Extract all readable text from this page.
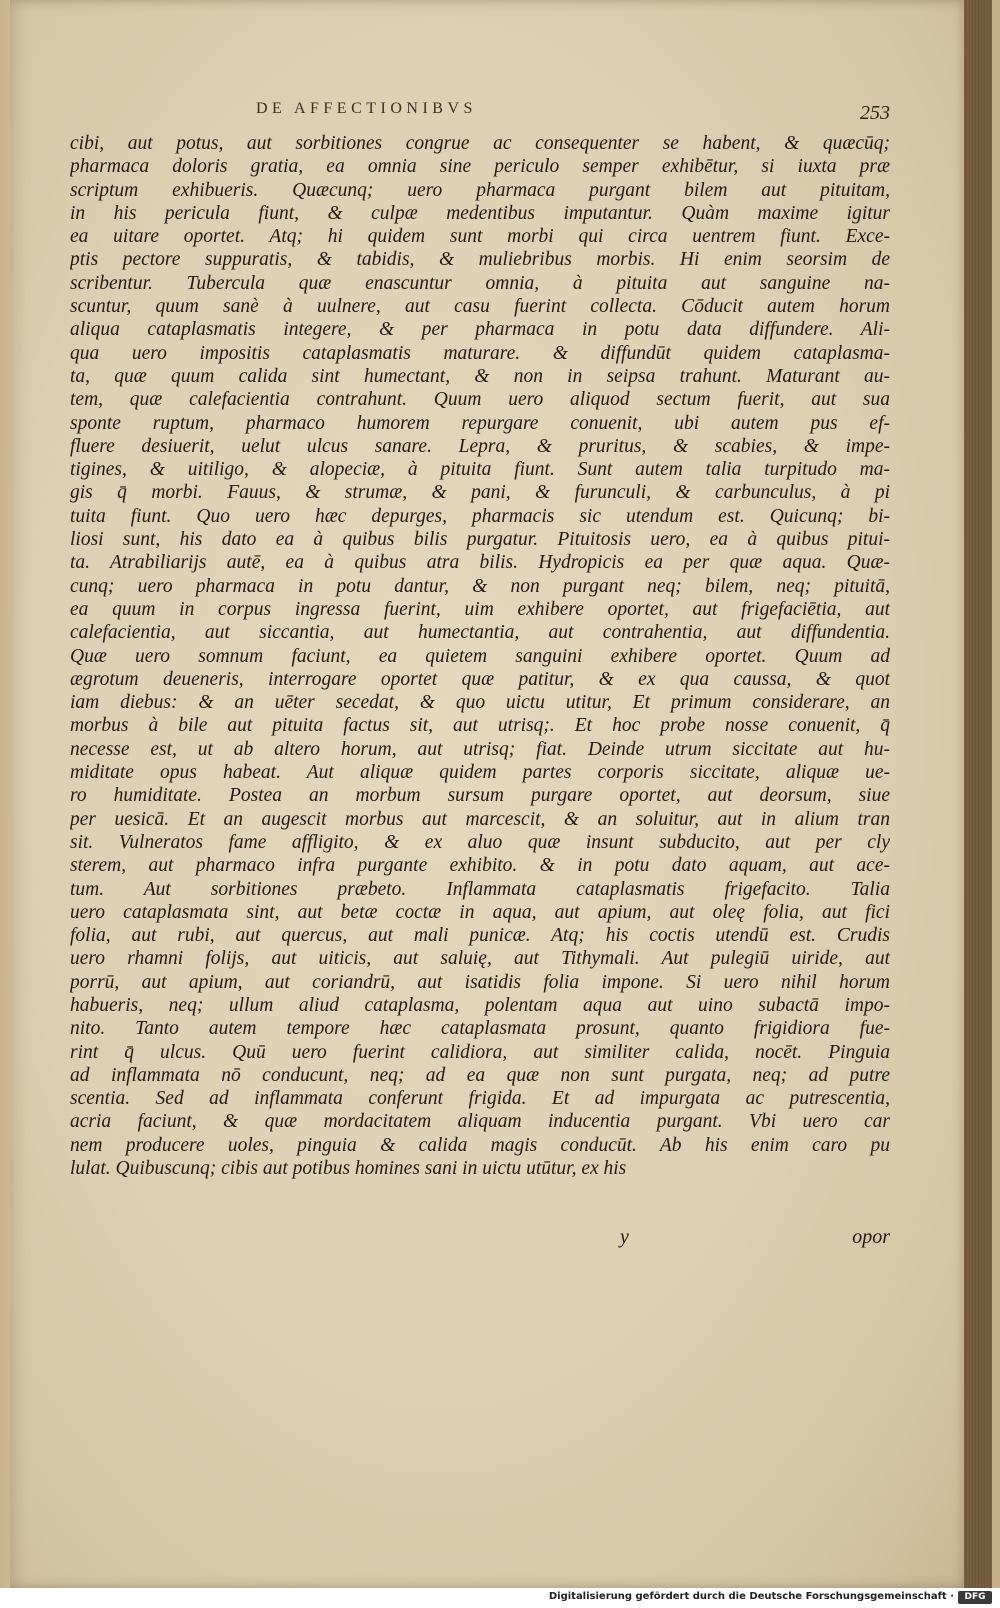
DE AFFECTIONIBVS	253
cibi, aut potus, aut sorbitiones congrue ac consequenter se habent, & quæcūq;
pharmaca doloris gratia, ea omnia sine periculo semper exhibētur, si iuxta præ
scriptum exhibueris. Quæcunq; uero pharmaca purgant bilem aut pituitam,
in his pericula fiunt, & culpæ medentibus imputantur. Quàm maxime igitur
ea uitare oportet. Atq; hi quidem sunt morbi qui circa uentrem fiunt. Exce-
ptis pectore suppuratis, & tabidis, & muliebribus morbis. Hi enim seorsim de
scribentur. Tubercula quæ enascuntur omnia, à pituita aut sanguine na-
scuntur, quum sanè à uulnere, aut casu fuerint collecta. Cōducit autem horum
aliqua cataplasmatis integere, & per pharmaca in potu data diffundere. Ali-
qua uero impositis cataplasmatis maturare. & diffundūt quidem cataplasma-
ta, quæ quum calida sint humectant, & non in seipsa trahunt. Maturant au-
tem, quæ calefacientia contrahunt. Quum uero aliquod sectum fuerit, aut sua
sponte ruptum, pharmaco humorem repurgare conuenit, ubi autem pus ef-
fluere desiuerit, uelut ulcus sanare. Lepra, & pruritus, & scabies, & impe-
tigines, & uitiligo, & alopeciæ, à pituita fiunt. Sunt autem talia turpitudo ma-
gis q̄ morbi. Fauus, & strumæ, & pani, & furunculi, & carbunculus, à pi
tuita fiunt. Quo uero hæc depurges, pharmacis sic utendum est. Quicunq; bi-
liosi sunt, his dato ea à quibus bilis purgatur. Pituitosis uero, ea à quibus pitui-
ta. Atrabiliarijs autē, ea à quibus atra bilis. Hydropicis ea per quæ aqua. Quæ-
cunq; uero pharmaca in potu dantur, & non purgant neq; bilem, neq; pituitā,
ea quum in corpus ingressa fuerint, uim exhibere oportet, aut frigefaciētia, aut
calefacientia, aut siccantia, aut humectantia, aut contrahentia, aut diffundentia.
Quæ uero somnum faciunt, ea quietem sanguini exhibere oportet. Quum ad
ægrotum deueneris, interrogare oportet quæ patitur, & ex qua caussa, & quot
iam diebus: & an uēter secedat, & quo uictu utitur, Et primum considerare, an
morbus à bile aut pituita factus sit, aut utrisq;. Et hoc probe nosse conuenit, q̄
necesse est, ut ab altero horum, aut utrisq; fiat. Deinde utrum siccitate aut hu-
miditate opus habeat. Aut aliquæ quidem partes corporis siccitate, aliquæ ue-
ro humiditate. Postea an morbum sursum purgare oportet, aut deorsum, siue
per uesicā. Et an augescit morbus aut marcescit, & an soluitur, aut in alium tran
sit. Vulneratos fame affligito, & ex aluo quæ insunt subducito, aut per cly
sterem, aut pharmaco infra purgante exhibito. & in potu dato aquam, aut ace-
tum. Aut sorbitiones præbeto. Inflammata cataplasmatis frigefacito. Talia
uero cataplasmata sint, aut betæ coctæ in aqua, aut apium, aut oleę folia, aut fici
folia, aut rubi, aut quercus, aut mali punicæ. Atq; his coctis utendū est. Crudis
uero rhamni folijs, aut uiticis, aut saluię, aut Tithymali. Aut pulegiū uiride, aut
porrū, aut apium, aut coriandrū, aut isatidis folia impone. Si uero nihil horum
habueris, neq; ullum aliud cataplasma, polentam aqua aut uino subactā impo-
nito. Tanto autem tempore hæc cataplasmata prosunt, quanto frigidiora fue-
rint q̄ ulcus. Quū uero fuerint calidiora, aut similiter calida, nocēt. Pinguia
ad inflammata nō conducunt, neq; ad ea quæ non sunt purgata, neq; ad putre
scentia. Sed ad inflammata conferunt frigida. Et ad impurgata ac putrescentia,
acria faciunt, & quæ mordacitatem aliquam inducentia purgant. Vbi uero car
nem producere uoles, pinguia & calida magis conducūt. Ab his enim caro pu
lulat. Quibuscunq; cibis aut potibus homines sani in uictu utūtur, ex his
y	opor
Digitalisierung gefördert durch die Deutsche Forschungsgemeinschaft ·	DFG
